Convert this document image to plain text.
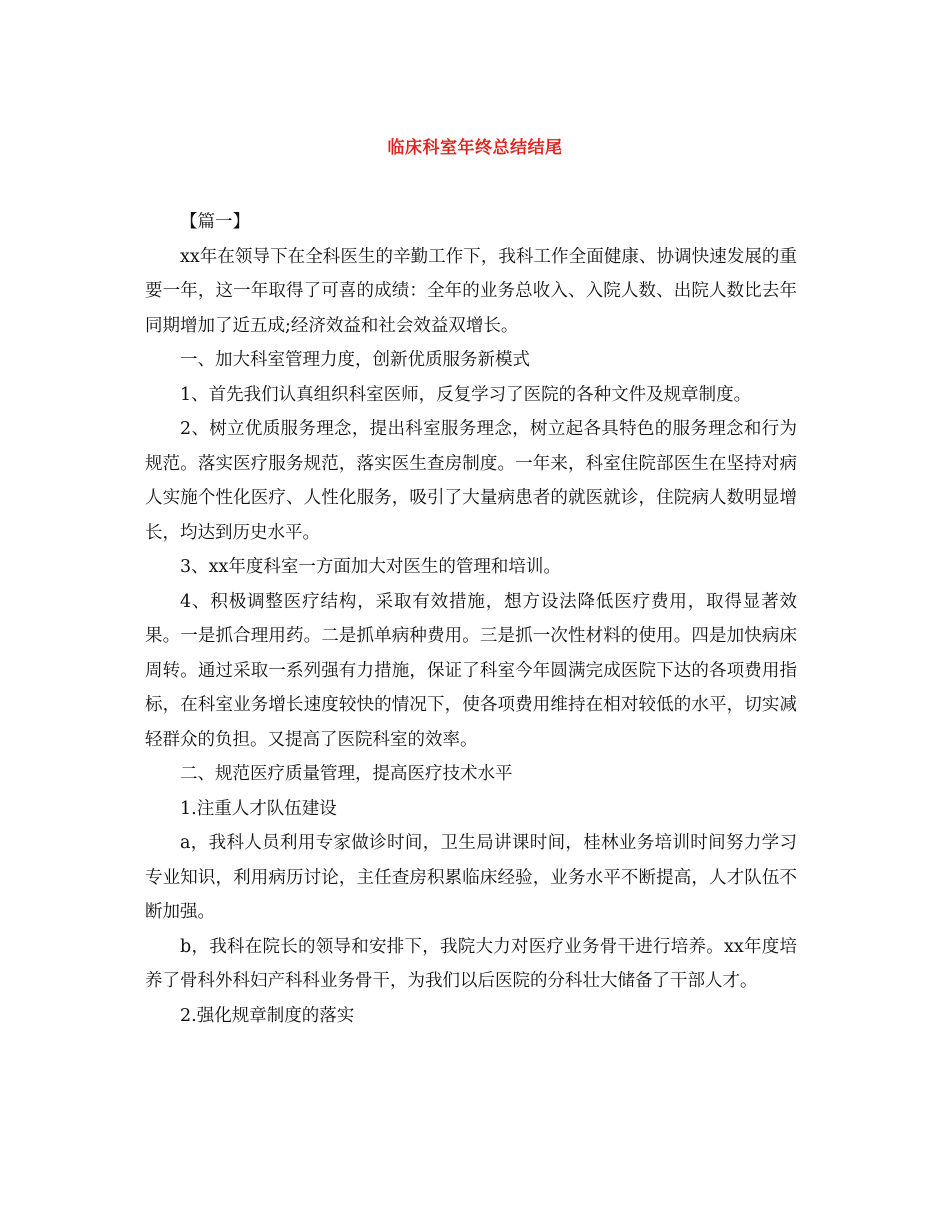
临床科室年终总结结尾

【篇一】

xx年在领导下在全科医生的辛勤工作下，我科工作全面健康、协调快速发展的重要一年，这一年取得了可喜的成绩：全年的业务总收入、入院人数、出院人数比去年同期增加了近五成;经济效益和社会效益双增长。

一、加大科室管理力度，创新优质服务新模式

1、首先我们认真组织科室医师，反复学习了医院的各种文件及规章制度。

2、树立优质服务理念，提出科室服务理念，树立起各具特色的服务理念和行为规范。落实医疗服务规范，落实医生查房制度。一年来，科室住院部医生在坚持对病人实施个性化医疗、人性化服务，吸引了大量病患者的就医就诊，住院病人数明显增长，均达到历史水平。

3、xx年度科室一方面加大对医生的管理和培训。

4、积极调整医疗结构，采取有效措施，想方设法降低医疗费用，取得显著效果。一是抓合理用药。二是抓单病种费用。三是抓一次性材料的使用。四是加快病床周转。通过采取一系列强有力措施，保证了科室今年圆满完成医院下达的各项费用指标，在科室业务增长速度较快的情况下，使各项费用维持在相对较低的水平，切实减轻群众的负担。又提高了医院科室的效率。

二、规范医疗质量管理，提高医疗技术水平

1.注重人才队伍建设

a，我科人员利用专家做诊时间，卫生局讲课时间，桂林业务培训时间努力学习专业知识，利用病历讨论，主任查房积累临床经验，业务水平不断提高，人才队伍不断加强。

b，我科在院长的领导和安排下，我院大力对医疗业务骨干进行培养。xx年度培养了骨科外科妇产科科业务骨干，为我们以后医院的分科壮大储备了干部人才。

2.强化规章制度的落实
